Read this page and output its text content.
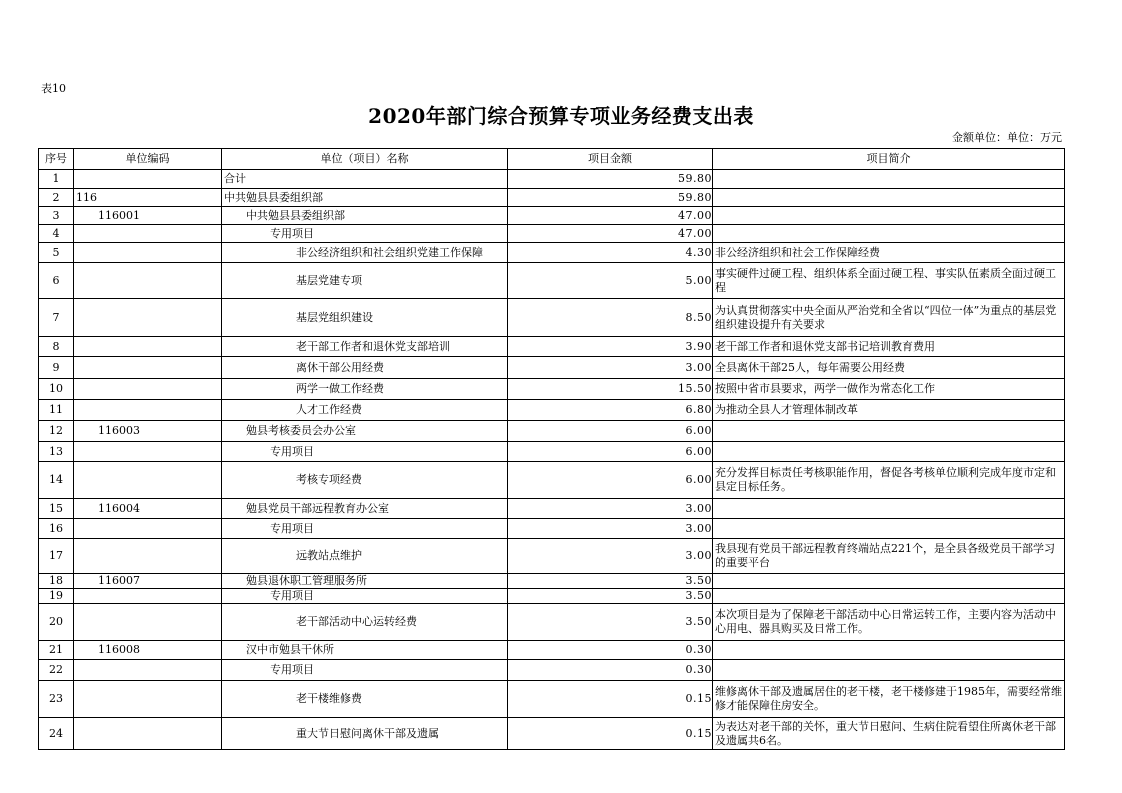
表10
2020年部门综合预算专项业务经费支出表
金额单位：单位：万元
序号	单位编码	单位（项目）名称	项目金额	项目简介
1		合计	59.80	
2	116	中共勉县县委组织部	59.80	
3	116001	中共勉县县委组织部	47.00	
4		专用项目	47.00	
5		非公经济组织和社会组织党建工作保障	4.30	非公经济组织和社会工作保障经费
6		基层党建专项	5.00	事实硬件过硬工程、组织体系全面过硬工程、事实队伍素质全面过硬工程
7		基层党组织建设	8.50	为认真贯彻落实中央全面从严治党和全省以“四位一体”为重点的基层党组织建设提升有关要求
8		老干部工作者和退休党支部培训	3.90	老干部工作者和退休党支部书记培训教育费用
9		离休干部公用经费	3.00	全县离休干部25人，每年需要公用经费
10		两学一做工作经费	15.50	按照中省市县要求，两学一做作为常态化工作
11		人才工作经费	6.80	为推动全县人才管理体制改革
12	116003	勉县考核委员会办公室	6.00	
13		专用项目	6.00	
14		考核专项经费	6.00	充分发挥目标责任考核职能作用，督促各考核单位顺利完成年度市定和县定目标任务。
15	116004	勉县党员干部远程教育办公室	3.00	
16		专用项目	3.00	
17		远教站点维护	3.00	我县现有党员干部远程教育终端站点221个，是全县各级党员干部学习的重要平台
18	116007	勉县退休职工管理服务所	3.50	
19		专用项目	3.50	
20		老干部活动中心运转经费	3.50	本次项目是为了保障老干部活动中心日常运转工作，主要内容为活动中心用电、器具购买及日常工作。
21	116008	汉中市勉县干休所	0.30	
22		专用项目	0.30	
23		老干楼维修费	0.15	维修离休干部及遗属居住的老干楼，老干楼修建于1985年，需要经常维修才能保障住房安全。
24		重大节日慰问离休干部及遗属	0.15	为表达对老干部的关怀，重大节日慰问、生病住院看望住所离休老干部及遗属共6名。
